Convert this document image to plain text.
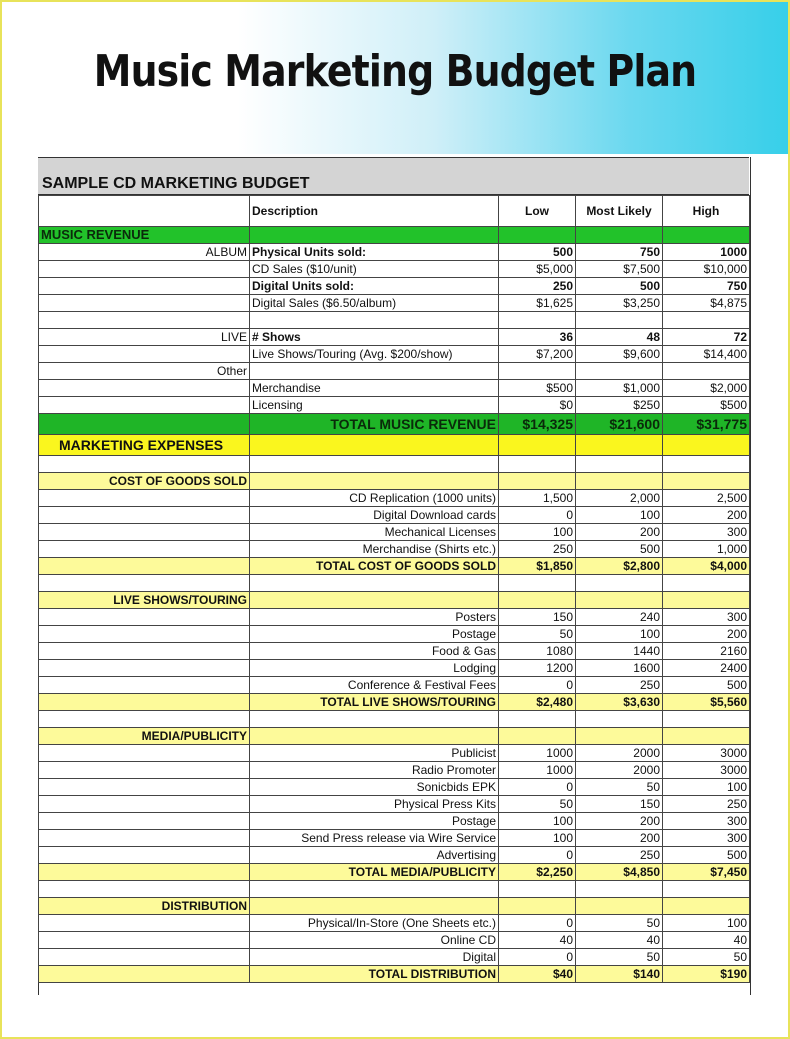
Music Marketing Budget Plan
SAMPLE CD MARKETING BUDGET
	Description	Low	Most Likely	High
MUSIC REVENUE				
ALBUM	Physical Units sold:	500	750	1000
	CD Sales ($10/unit)	$5,000	$7,500	$10,000
	Digital Units sold:	250	500	750
	Digital Sales ($6.50/album)	$1,625	$3,250	$4,875

LIVE	# Shows	36	48	72
	Live Shows/Touring (Avg. $200/show)	$7,200	$9,600	$14,400
Other				
	Merchandise	$500	$1,000	$2,000
	Licensing	$0	$250	$500
	TOTAL MUSIC REVENUE	$14,325	$21,600	$31,775
MARKETING EXPENSES				

COST OF GOODS SOLD				
	CD Replication (1000 units)	1,500	2,000	2,500
	Digital Download cards	0	100	200
	Mechanical Licenses	100	200	300
	Merchandise (Shirts etc.)	250	500	1,000
	TOTAL COST OF GOODS SOLD	$1,850	$2,800	$4,000

LIVE SHOWS/TOURING				
	Posters	150	240	300
	Postage	50	100	200
	Food & Gas	1080	1440	2160
	Lodging	1200	1600	2400
	Conference & Festival Fees	0	250	500
	TOTAL LIVE SHOWS/TOURING	$2,480	$3,630	$5,560

MEDIA/PUBLICITY				
	Publicist	1000	2000	3000
	Radio Promoter	1000	2000	3000
	Sonicbids EPK	0	50	100
	Physical Press Kits	50	150	250
	Postage	100	200	300
	Send Press release via Wire Service	100	200	300
	Advertising	0	250	500
	TOTAL MEDIA/PUBLICITY	$2,250	$4,850	$7,450

DISTRIBUTION				
	Physical/In-Store (One Sheets etc.)	0	50	100
	Online CD	40	40	40
	Digital	0	50	50
	TOTAL DISTRIBUTION	$40	$140	$190
